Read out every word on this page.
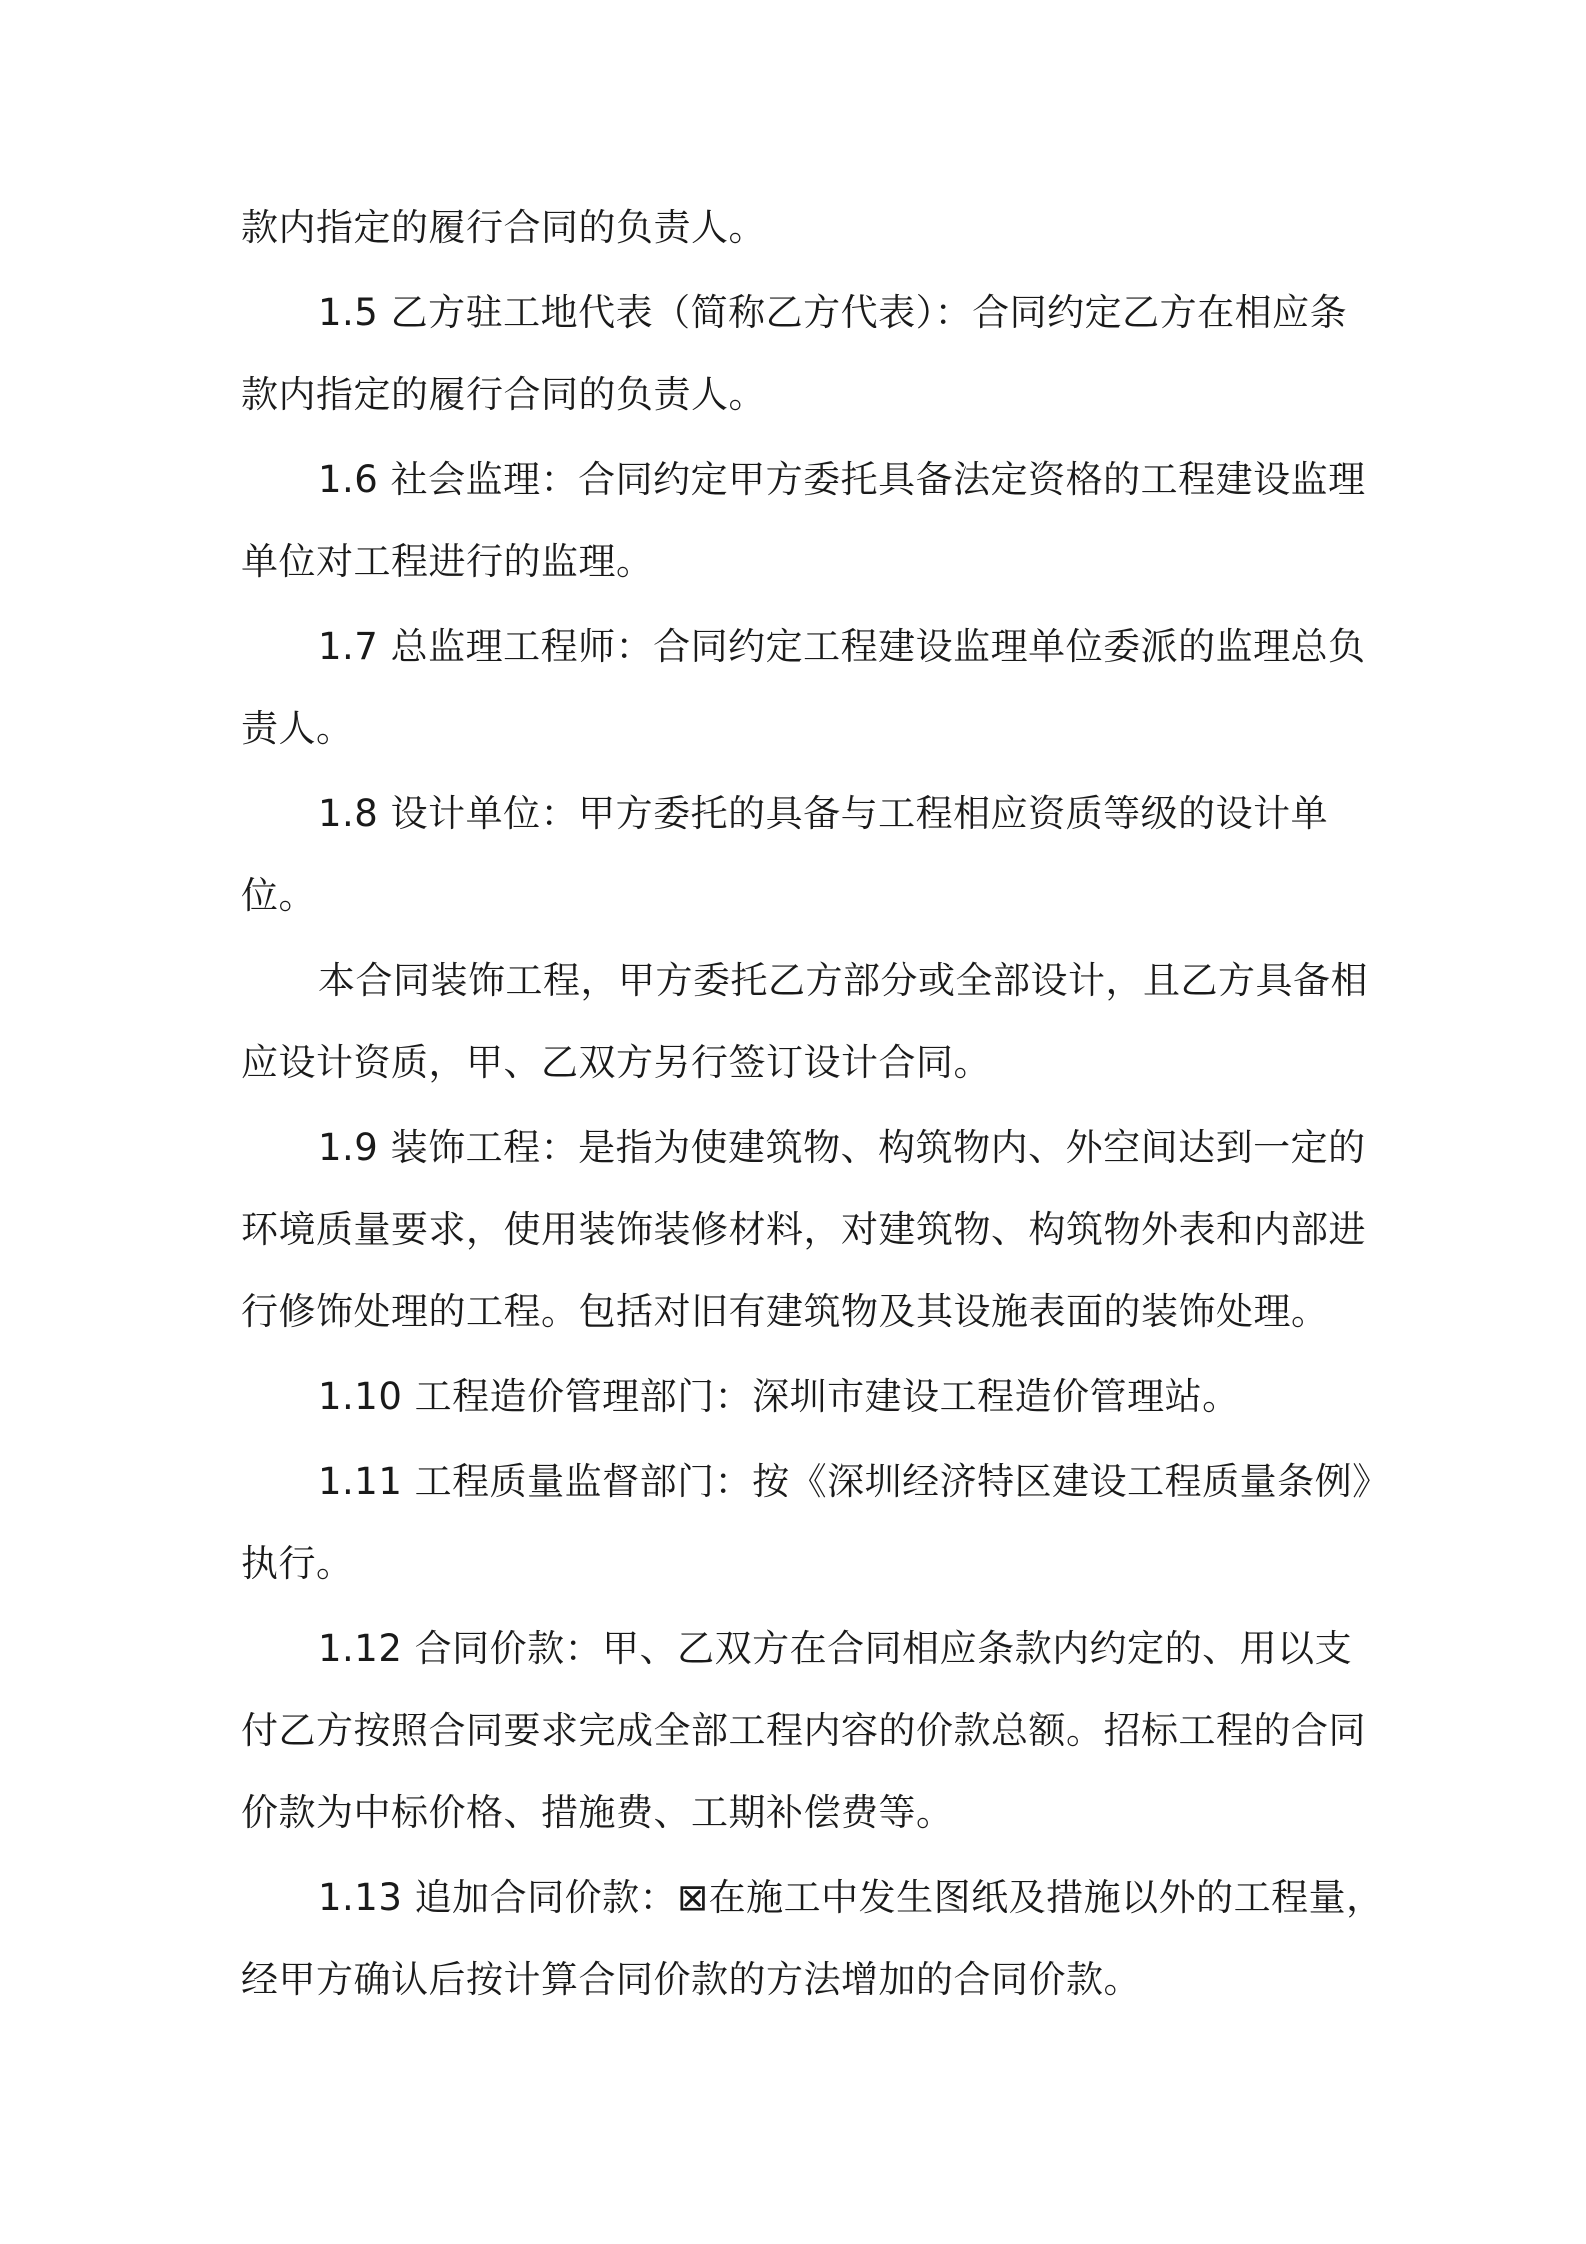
款内指定的履行合同的负责人。
1.5 乙方驻工地代表（简称乙方代表）：合同约定乙方在相应条
款内指定的履行合同的负责人。
1.6 社会监理：合同约定甲方委托具备法定资格的工程建设监理
单位对工程进行的监理。
1.7 总监理工程师：合同约定工程建设监理单位委派的监理总负
责人。
1.8 设计单位：甲方委托的具备与工程相应资质等级的设计单
位。
本合同装饰工程，甲方委托乙方部分或全部设计，且乙方具备相
应设计资质，甲、乙双方另行签订设计合同。
1.9 装饰工程：是指为使建筑物、构筑物内、外空间达到一定的
环境质量要求，使用装饰装修材料，对建筑物、构筑物外表和内部进
行修饰处理的工程。包括对旧有建筑物及其设施表面的装饰处理。
1.10 工程造价管理部门：深圳市建设工程造价管理站。
1.11 工程质量监督部门：按《深圳经济特区建设工程质量条例》
执行。
1.12 合同价款：甲、乙双方在合同相应条款内约定的、用以支
付乙方按照合同要求完成全部工程内容的价款总额。招标工程的合同
价款为中标价格、措施费、工期补偿费等。
1.13 追加合同价款：⊠在施工中发生图纸及措施以外的工程量，
经甲方确认后按计算合同价款的方法增加的合同价款。
